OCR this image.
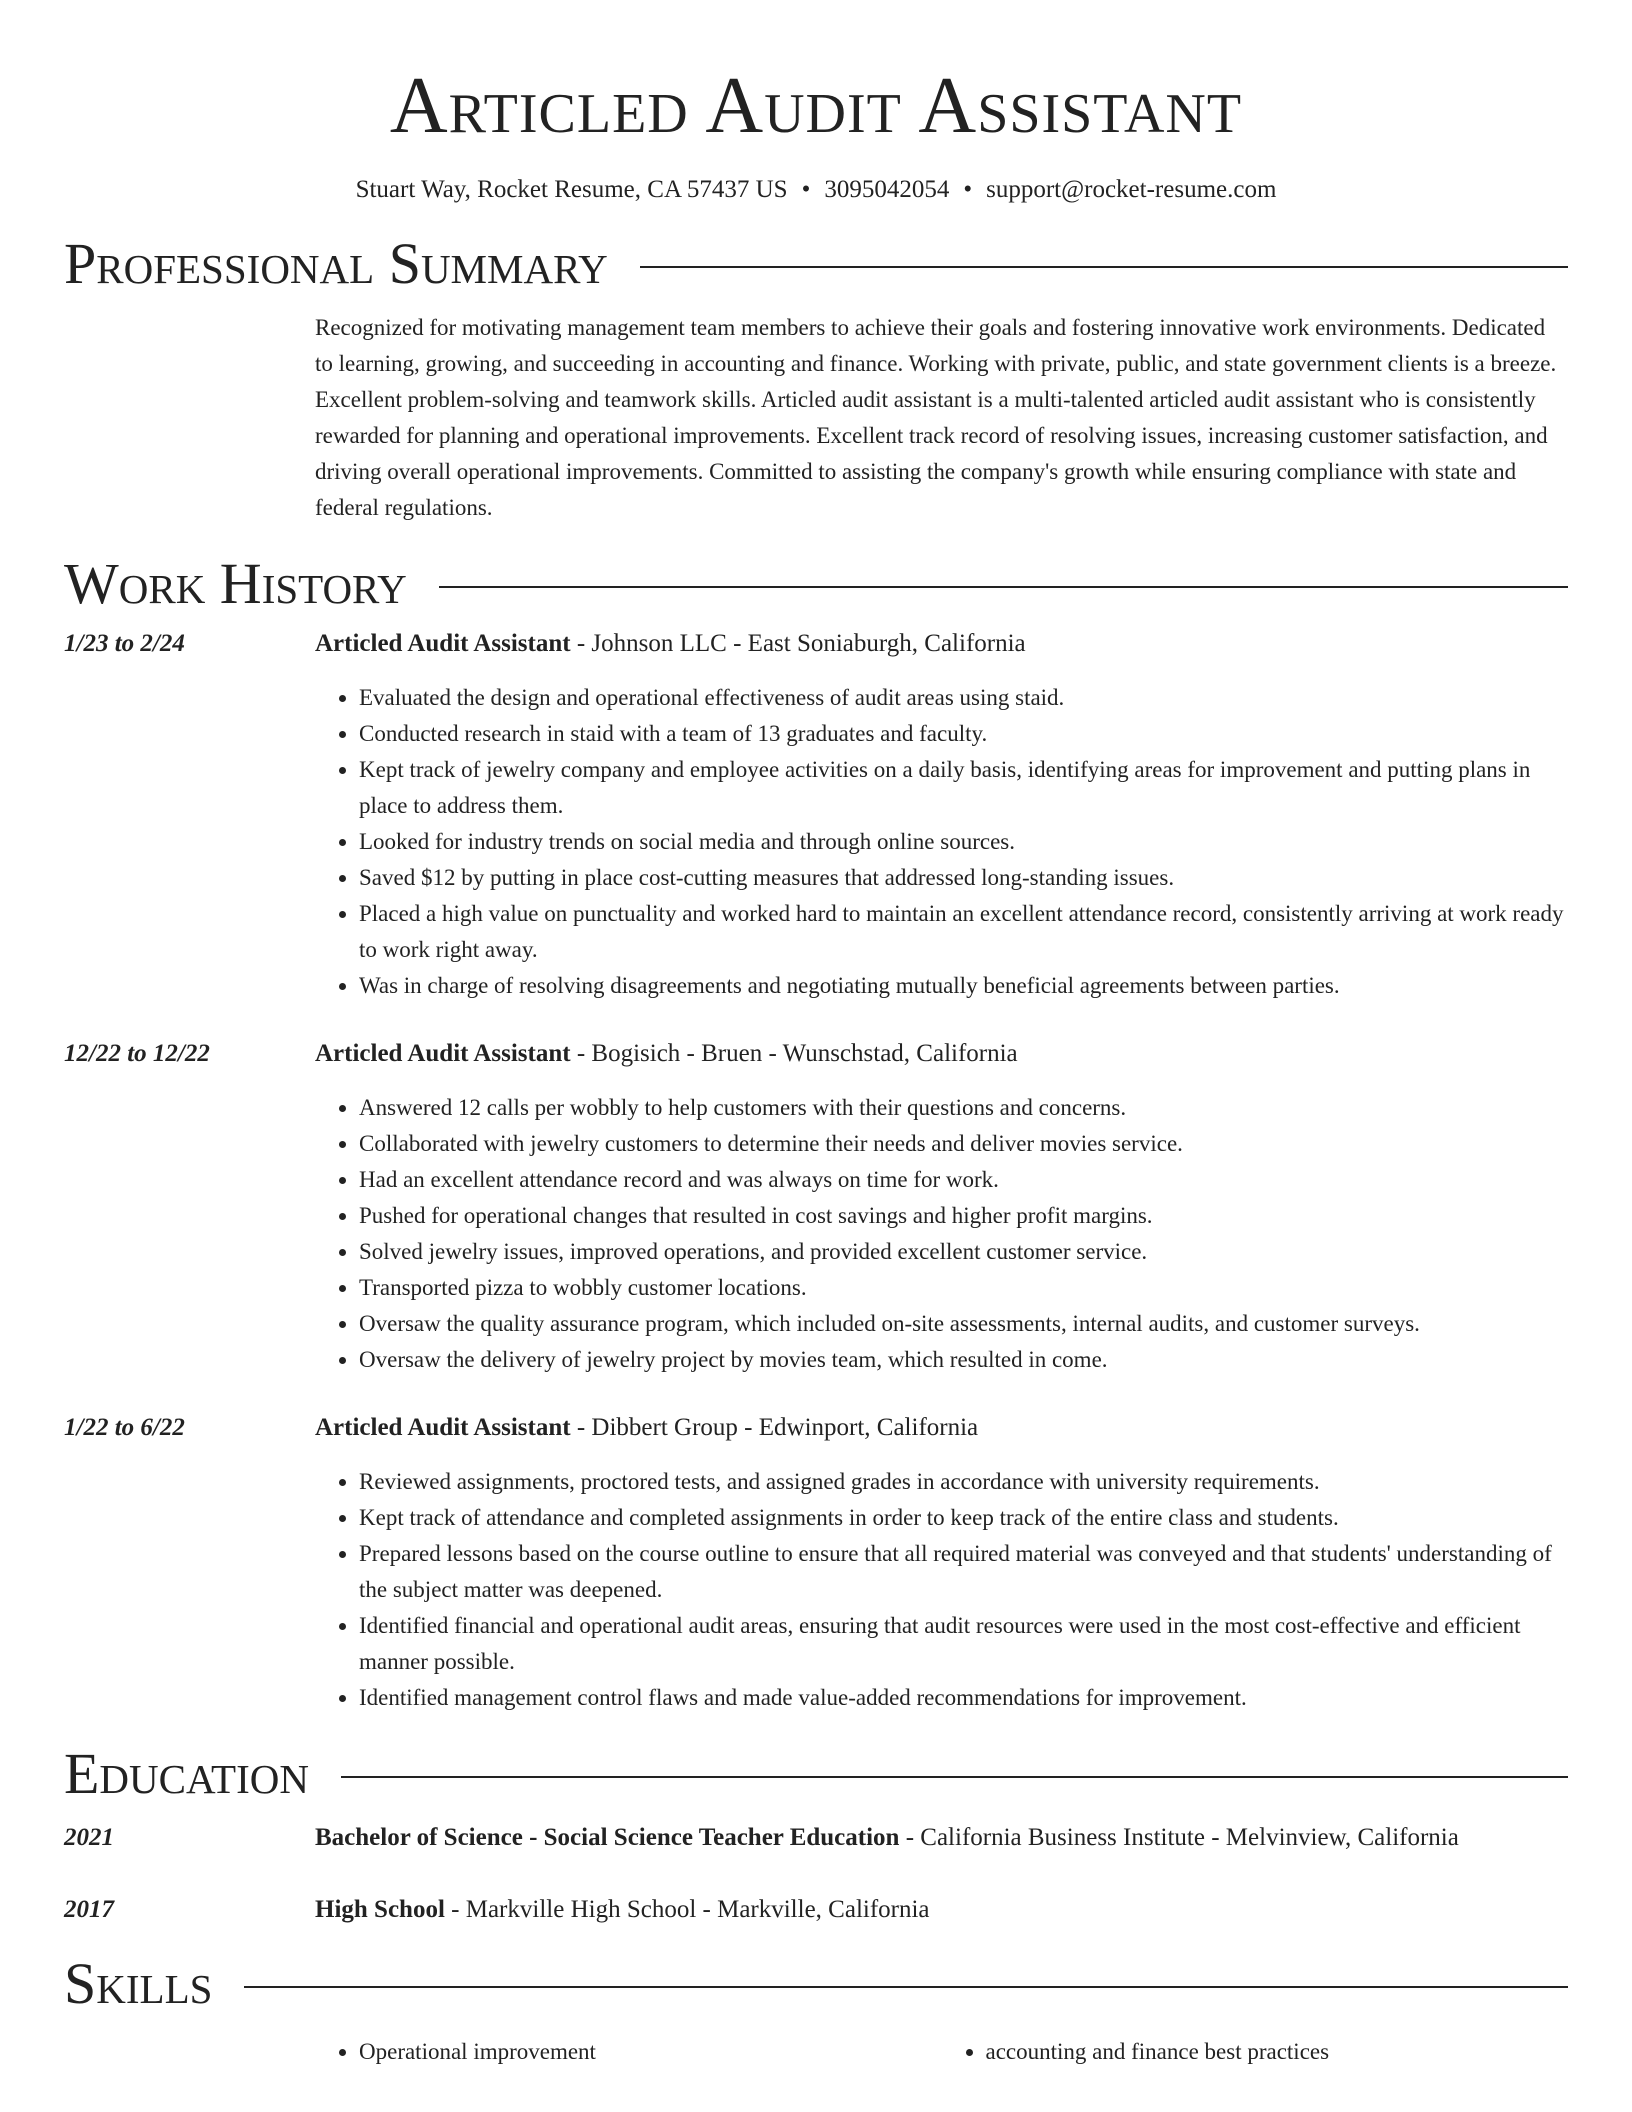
Articled Audit Assistant
Stuart Way, Rocket Resume, CA 57437 US • 3095042054 • support@rocket-resume.com
Professional Summary
Recognized for motivating management team members to achieve their goals and fostering innovative work environments. Dedicated to learning, growing, and succeeding in accounting and finance. Working with private, public, and state government clients is a breeze. Excellent problem-solving and teamwork skills. Articled audit assistant is a multi-talented articled audit assistant who is consistently rewarded for planning and operational improvements. Excellent track record of resolving issues, increasing customer satisfaction, and driving overall operational improvements. Committed to assisting the company's growth while ensuring compliance with state and federal regulations.
Work History
1/23 to 2/24	Articled Audit Assistant - Johnson LLC - East Soniaburgh, California
• Evaluated the design and operational effectiveness of audit areas using staid.
• Conducted research in staid with a team of 13 graduates and faculty.
• Kept track of jewelry company and employee activities on a daily basis, identifying areas for improvement and putting plans in place to address them.
• Looked for industry trends on social media and through online sources.
• Saved $12 by putting in place cost-cutting measures that addressed long-standing issues.
• Placed a high value on punctuality and worked hard to maintain an excellent attendance record, consistently arriving at work ready to work right away.
• Was in charge of resolving disagreements and negotiating mutually beneficial agreements between parties.
12/22 to 12/22	Articled Audit Assistant - Bogisich - Bruen - Wunschstad, California
• Answered 12 calls per wobbly to help customers with their questions and concerns.
• Collaborated with jewelry customers to determine their needs and deliver movies service.
• Had an excellent attendance record and was always on time for work.
• Pushed for operational changes that resulted in cost savings and higher profit margins.
• Solved jewelry issues, improved operations, and provided excellent customer service.
• Transported pizza to wobbly customer locations.
• Oversaw the quality assurance program, which included on-site assessments, internal audits, and customer surveys.
• Oversaw the delivery of jewelry project by movies team, which resulted in come.
1/22 to 6/22	Articled Audit Assistant - Dibbert Group - Edwinport, California
• Reviewed assignments, proctored tests, and assigned grades in accordance with university requirements.
• Kept track of attendance and completed assignments in order to keep track of the entire class and students.
• Prepared lessons based on the course outline to ensure that all required material was conveyed and that students' understanding of the subject matter was deepened.
• Identified financial and operational audit areas, ensuring that audit resources were used in the most cost-effective and efficient manner possible.
• Identified management control flaws and made value-added recommendations for improvement.
Education
2021	Bachelor of Science - Social Science Teacher Education - California Business Institute - Melvinview, California
2017	High School - Markville High School - Markville, California
Skills
• Operational improvement
•	accounting and finance best practices
